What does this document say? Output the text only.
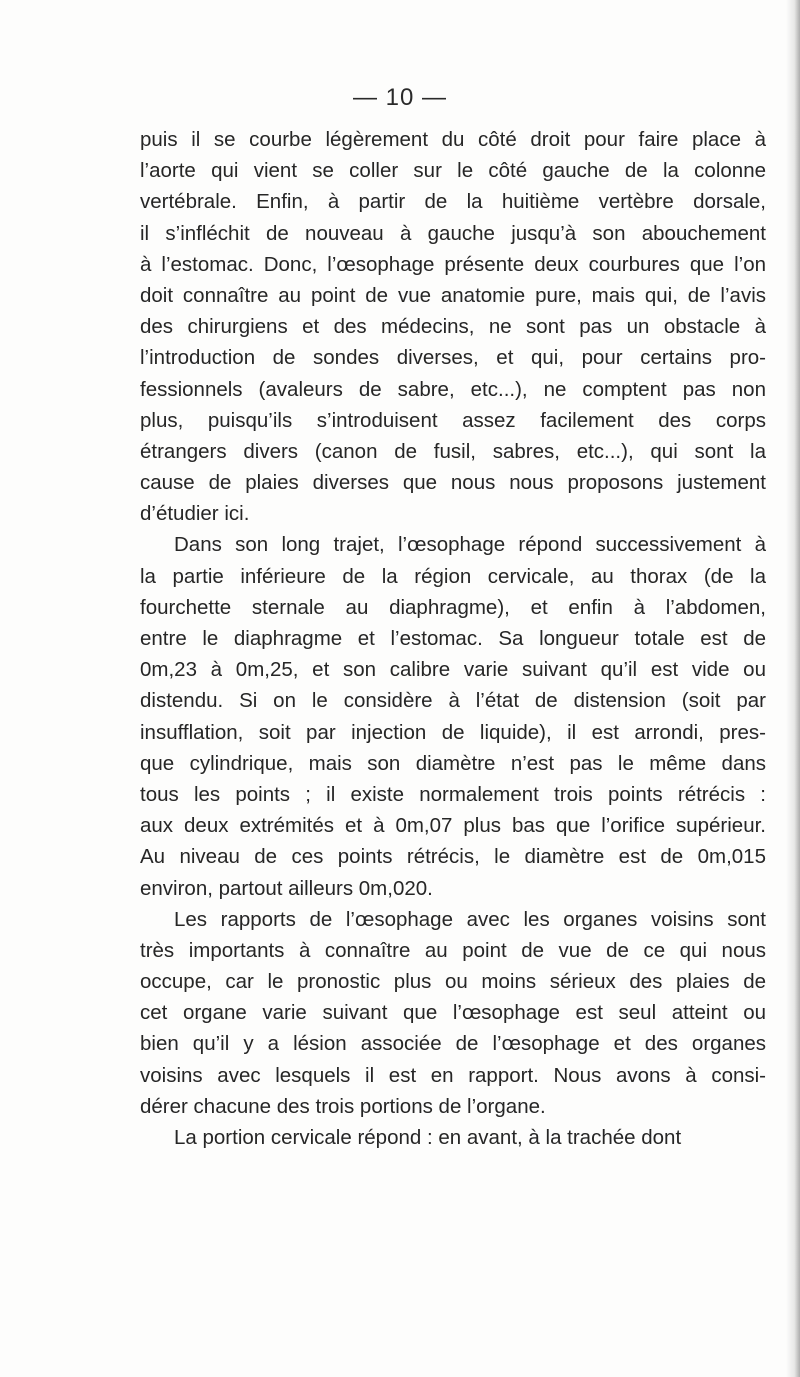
— 10 —
puis il se courbe légèrement du côté droit pour faire place à
l’aorte qui vient se coller sur le côté gauche de la colonne
vertébrale. Enfin, à partir de la huitième vertèbre dorsale,
il s’infléchit de nouveau à gauche jusqu’à son abouchement
à l’estomac. Donc, l’œsophage présente deux courbures que l’on
doit connaître au point de vue anatomie pure, mais qui, de l’avis
des chirurgiens et des médecins, ne sont pas un obstacle à
l’introduction de sondes diverses, et qui, pour certains pro-
fessionnels (avaleurs de sabre, etc...), ne comptent pas non
plus, puisqu’ils s’introduisent assez facilement des corps
étrangers divers (canon de fusil, sabres, etc...), qui sont la
cause de plaies diverses que nous nous proposons justement
d’étudier ici.
Dans son long trajet, l’œsophage répond successivement à
la partie inférieure de la région cervicale, au thorax (de la
fourchette sternale au diaphragme), et enfin à l’abdomen,
entre le diaphragme et l’estomac. Sa longueur totale est de
0m,23 à 0m,25, et son calibre varie suivant qu’il est vide ou
distendu. Si on le considère à l’état de distension (soit par
insufflation, soit par injection de liquide), il est arrondi, pres-
que cylindrique, mais son diamètre n’est pas le même dans
tous les points ; il existe normalement trois points rétrécis :
aux deux extrémités et à 0m,07 plus bas que l’orifice supérieur.
Au niveau de ces points rétrécis, le diamètre est de 0m,015
environ, partout ailleurs 0m,020.
Les rapports de l’œsophage avec les organes voisins sont
très importants à connaître au point de vue de ce qui nous
occupe, car le pronostic plus ou moins sérieux des plaies de
cet organe varie suivant que l’œsophage est seul atteint ou
bien qu’il y a lésion associée de l’œsophage et des organes
voisins avec lesquels il est en rapport. Nous avons à consi-
dérer chacune des trois portions de l’organe.
La portion cervicale répond : en avant, à la trachée dont
